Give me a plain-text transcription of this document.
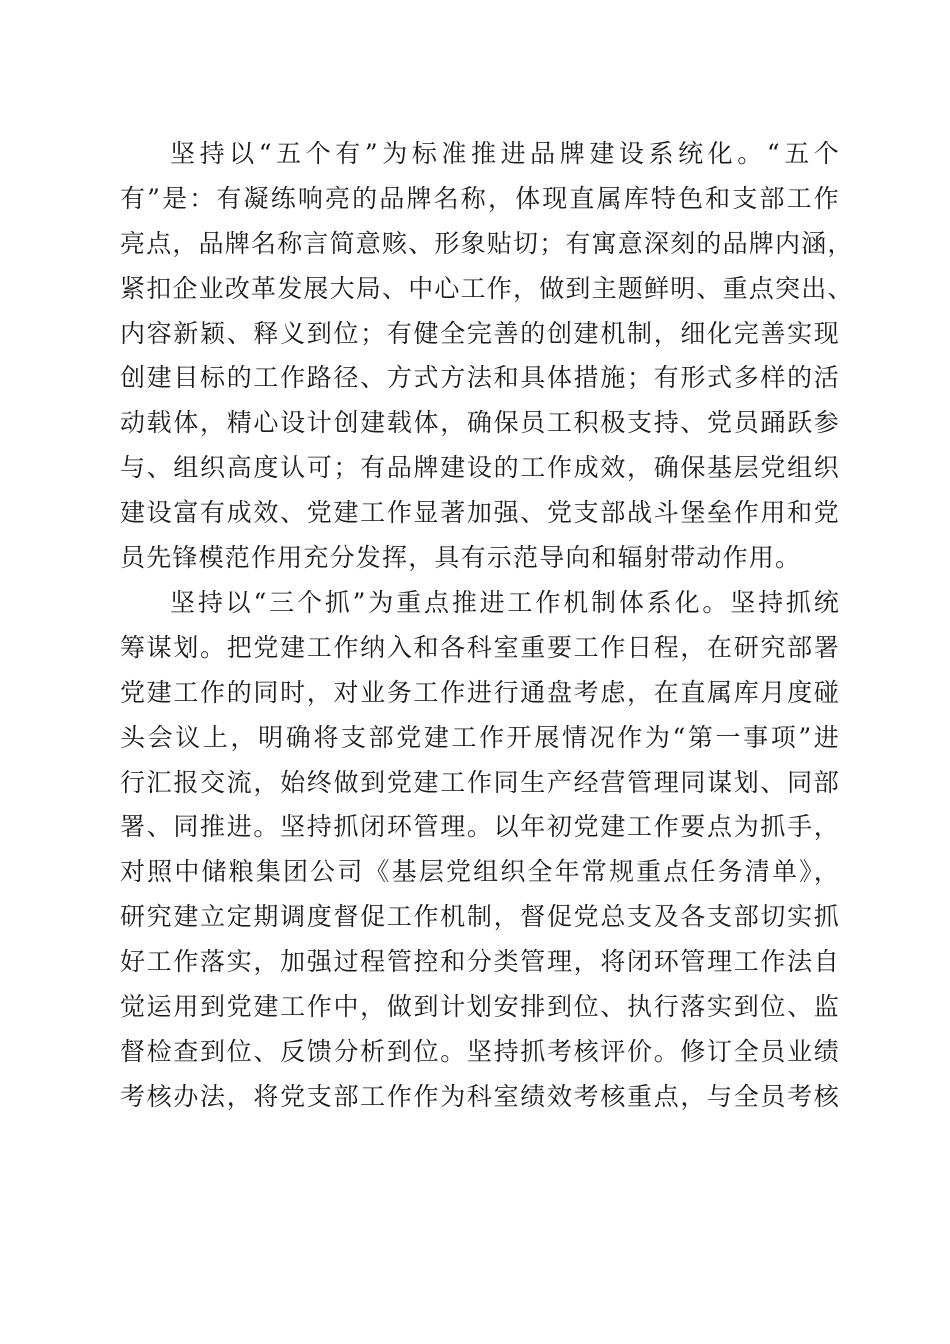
坚持以“五个有”为标准推进品牌建设系统化。“五个
有”是：有凝练响亮的品牌名称，体现直属库特色和支部工作
亮点，品牌名称言简意赅、形象贴切；有寓意深刻的品牌内涵，
紧扣企业改革发展大局、中心工作，做到主题鲜明、重点突出、
内容新颖、释义到位；有健全完善的创建机制，细化完善实现
创建目标的工作路径、方式方法和具体措施；有形式多样的活
动载体，精心设计创建载体，确保员工积极支持、党员踊跃参
与、组织高度认可；有品牌建设的工作成效，确保基层党组织
建设富有成效、党建工作显著加强、党支部战斗堡垒作用和党
员先锋模范作用充分发挥，具有示范导向和辐射带动作用。
坚持以“三个抓”为重点推进工作机制体系化。坚持抓统
筹谋划。把党建工作纳入和各科室重要工作日程，在研究部署
党建工作的同时，对业务工作进行通盘考虑，在直属库月度碰
头会议上，明确将支部党建工作开展情况作为“第一事项”进
行汇报交流，始终做到党建工作同生产经营管理同谋划、同部
署、同推进。坚持抓闭环管理。以年初党建工作要点为抓手，
对照中储粮集团公司《基层党组织全年常规重点任务清单》，
研究建立定期调度督促工作机制，督促党总支及各支部切实抓
好工作落实，加强过程管控和分类管理，将闭环管理工作法自
觉运用到党建工作中，做到计划安排到位、执行落实到位、监
督检查到位、反馈分析到位。坚持抓考核评价。修订全员业绩
考核办法，将党支部工作作为科室绩效考核重点，与全员考核
